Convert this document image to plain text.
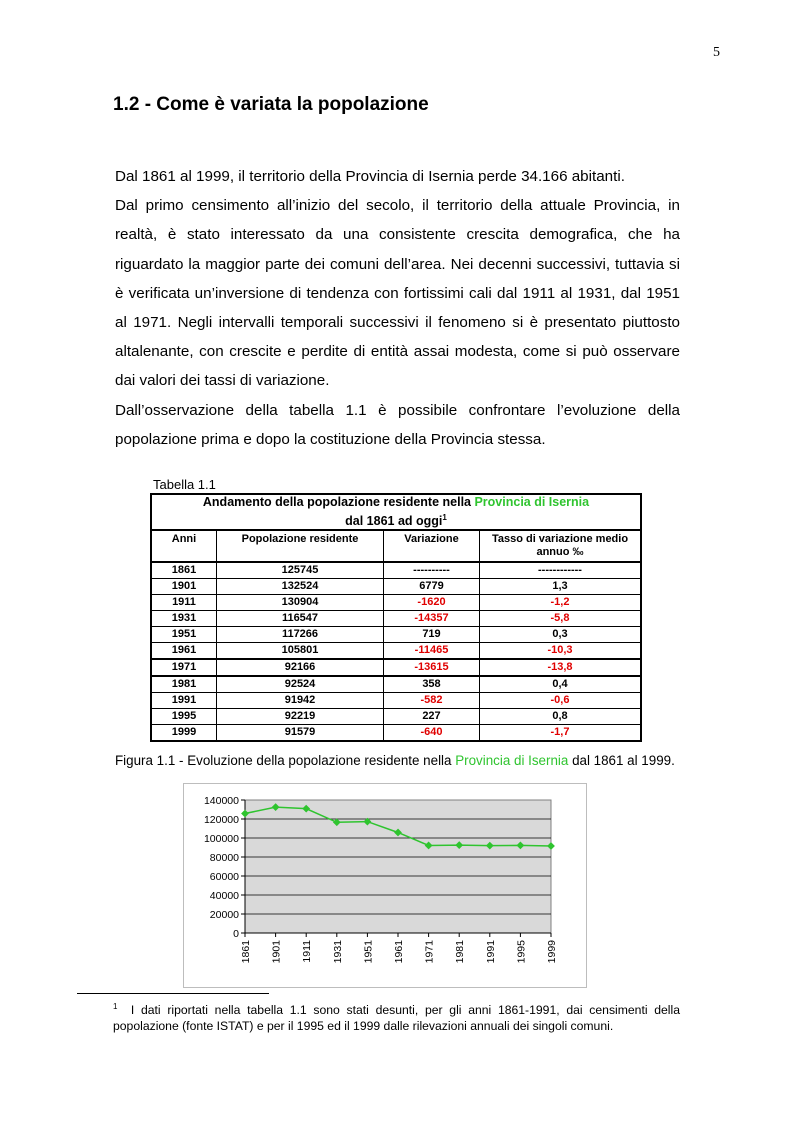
5
1.2 - Come è variata la popolazione

Dal 1861 al 1999, il territorio della Provincia di Isernia perde 34.166 abitanti.

Dal primo censimento all’inizio del secolo, il territorio della attuale Provincia, in realtà, è stato interessato da una consistente crescita demografica, che ha riguardato la maggior parte dei comuni dell’area. Nei decenni successivi, tuttavia si è verificata un’inversione di tendenza con fortissimi cali dal 1911 al 1931, dal 1951 al 1971. Negli intervalli temporali successivi il fenomeno si è presentato piuttosto altalenante, con crescite e perdite di entità assai modesta, come si può osservare dai valori dei tassi di variazione.

Dall’osservazione della tabella 1.1 è possibile confrontare l’evoluzione della popolazione prima e dopo la costituzione della Provincia stessa.

Tabella 1.1
Andamento della popolazione residente nella Provincia di Isernia
dal 1861 ad oggi$^1$
Anni	Popolazione residente	Variazione	Tasso di variazione medio annuo ‰
1861	125745	----------	------------
1901	132524	6779	1,3
1911	130904	-1620	-1,2
1931	116547	-14357	-5,8
1951	117266	719	0,3
1961	105801	-11465	-10,3
1971	92166	-13615	-13,8
1981	92524	358	0,4
1991	91942	-582	-0,6
1995	92219	227	0,8
1999	91579	-640	-1,7
Figura 1.1 - Evoluzione della popolazione residente nella Provincia di Isernia dal 1861 al 1999.
0
20000
40000
60000
80000
100000
120000
140000
1861 1901 1911 1931 1951 1961 1971 1981 1991 1995 1999
$^1$ I dati riportati nella tabella 1.1 sono stati desunti, per gli anni 1861-1991, dai censimenti della popolazione (fonte ISTAT) e per il 1995 ed il 1999 dalle rilevazioni annuali dei singoli comuni.
